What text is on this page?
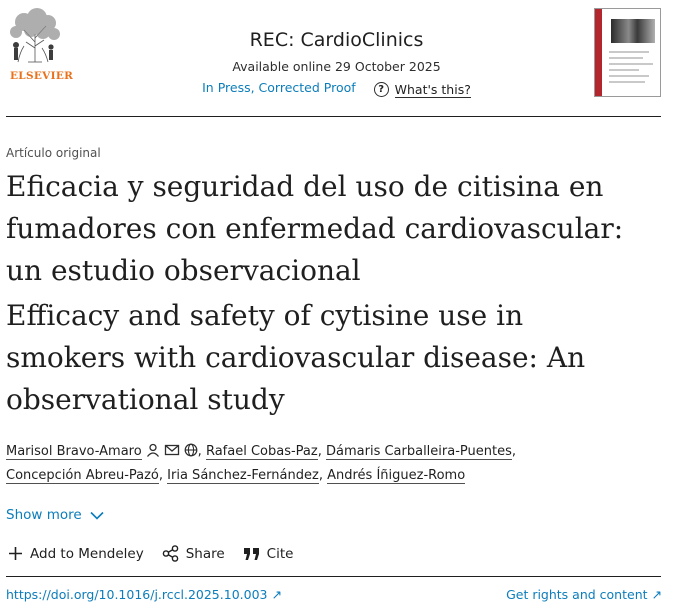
ELSEVIER
REC: CardioClinics
Available online 29 October 2025
In Press, Corrected Proof	? What's this?
Artículo original
Eficacia y seguridad del uso de citisina en
fumadores con enfermedad cardiovascular:
un estudio observacional
Efficacy and safety of cytisine use in
smokers with cardiovascular disease: An
observational study
Marisol Bravo-Amaro	, Rafael Cobas-Paz, Dámaris Carballeira-Puentes,
Concepción Abreu-Pazó, Iria Sánchez-Fernández, Andrés Íñiguez-Romo
Show more
Add to Mendeley	Share	Cite
https://doi.org/10.1016/j.rccl.2025.10.003 ↗	Get rights and content ↗
